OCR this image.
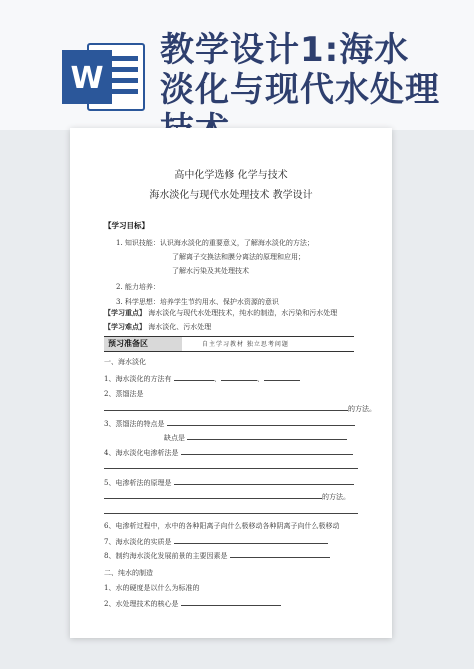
W
教学设计1:海水
淡化与现代水处理
高中化学选修 化学与技术
海水淡化与现代水处理技术 教学设计
【学习目标】
1. 知识技能：认识海水淡化的重要意义，了解海水淡化的方法；
了解离子交换法和膜分离法的原理和应用；
了解水污染及其处理技术
2. 能力培养：
3. 科学思想：培养学生节约用水、保护水资源的意识
【学习重点】 海水淡化与现代水处理技术，纯水的制造，水污染和污水处理
【学习难点】 海水淡化、污水处理
预习准备区	自主学习教材 独立思考问题
一、海水淡化
1、海水淡化的方法有	、	、
2、蒸馏法是
的方法。
3、蒸馏法的特点是
缺点是
4、海水淡化电渗析法是
5、电渗析法的原理是
的方法。
6、电渗析过程中，水中的各种阳离子向什么极移动各种阴离子向什么极移动
7、海水淡化的实质是
8、制约海水淡化发展前景的主要因素是
二、纯水的制造
1、水的硬度是以什么为标准的
2、水处理技术的核心是
